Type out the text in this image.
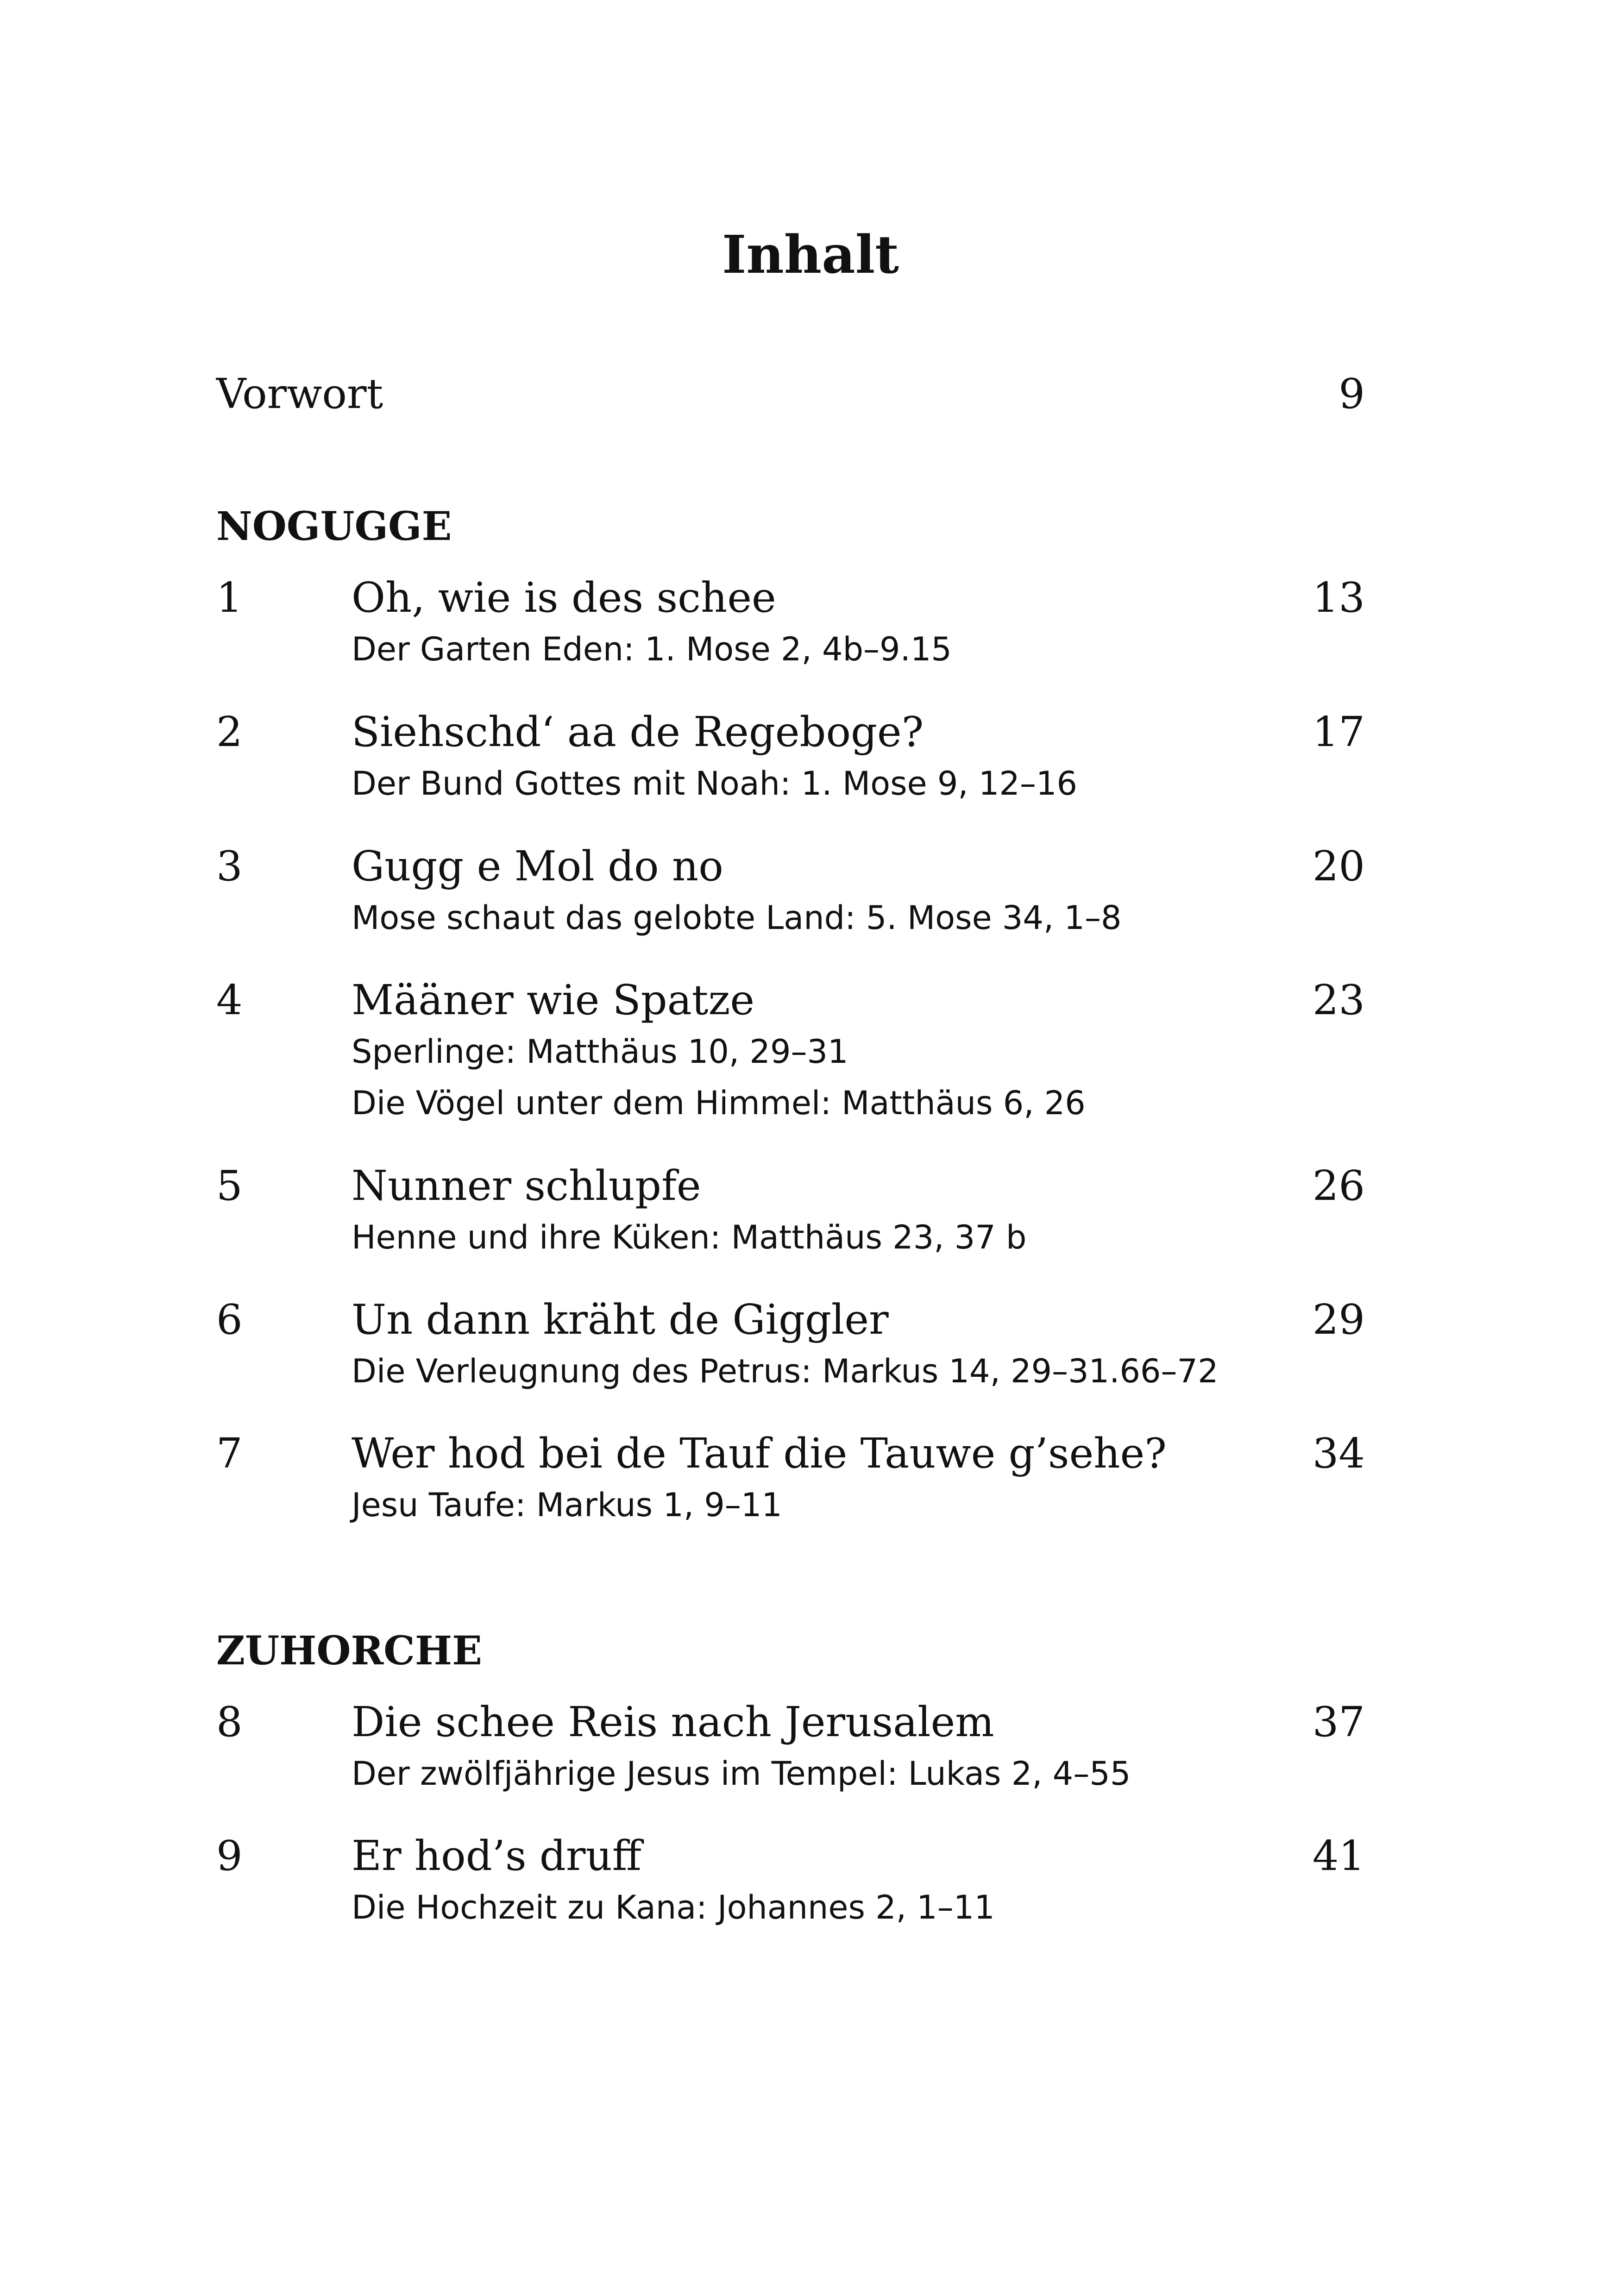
Inhalt
Vorwort	9
NOGUGGE
1	Oh, wie is des schee	13
Der Garten Eden: 1. Mose 2, 4b–9.15
2	Siehschd‘ aa de Regeboge?	17
Der Bund Gottes mit Noah: 1. Mose 9, 12–16
3	Gugg e Mol do no	20
Mose schaut das gelobte Land: 5. Mose 34, 1–8
4	Määner wie Spatze	23
Sperlinge: Matthäus 10, 29–31
Die Vögel unter dem Himmel: Matthäus 6, 26
5	Nunner schlupfe	26
Henne und ihre Küken: Matthäus 23, 37 b
6	Un dann kräht de Giggler	29
Die Verleugnung des Petrus: Markus 14, 29–31.66–72
7	Wer hod bei de Tauf die Tauwe g’sehe?	34
Jesu Taufe: Markus 1, 9–11
ZUHORCHE
8	Die schee Reis nach Jerusalem	37
Der zwölfjährige Jesus im Tempel: Lukas 2, 4–55
9	Er hod’s druff	41
Die Hochzeit zu Kana: Johannes 2, 1–11
